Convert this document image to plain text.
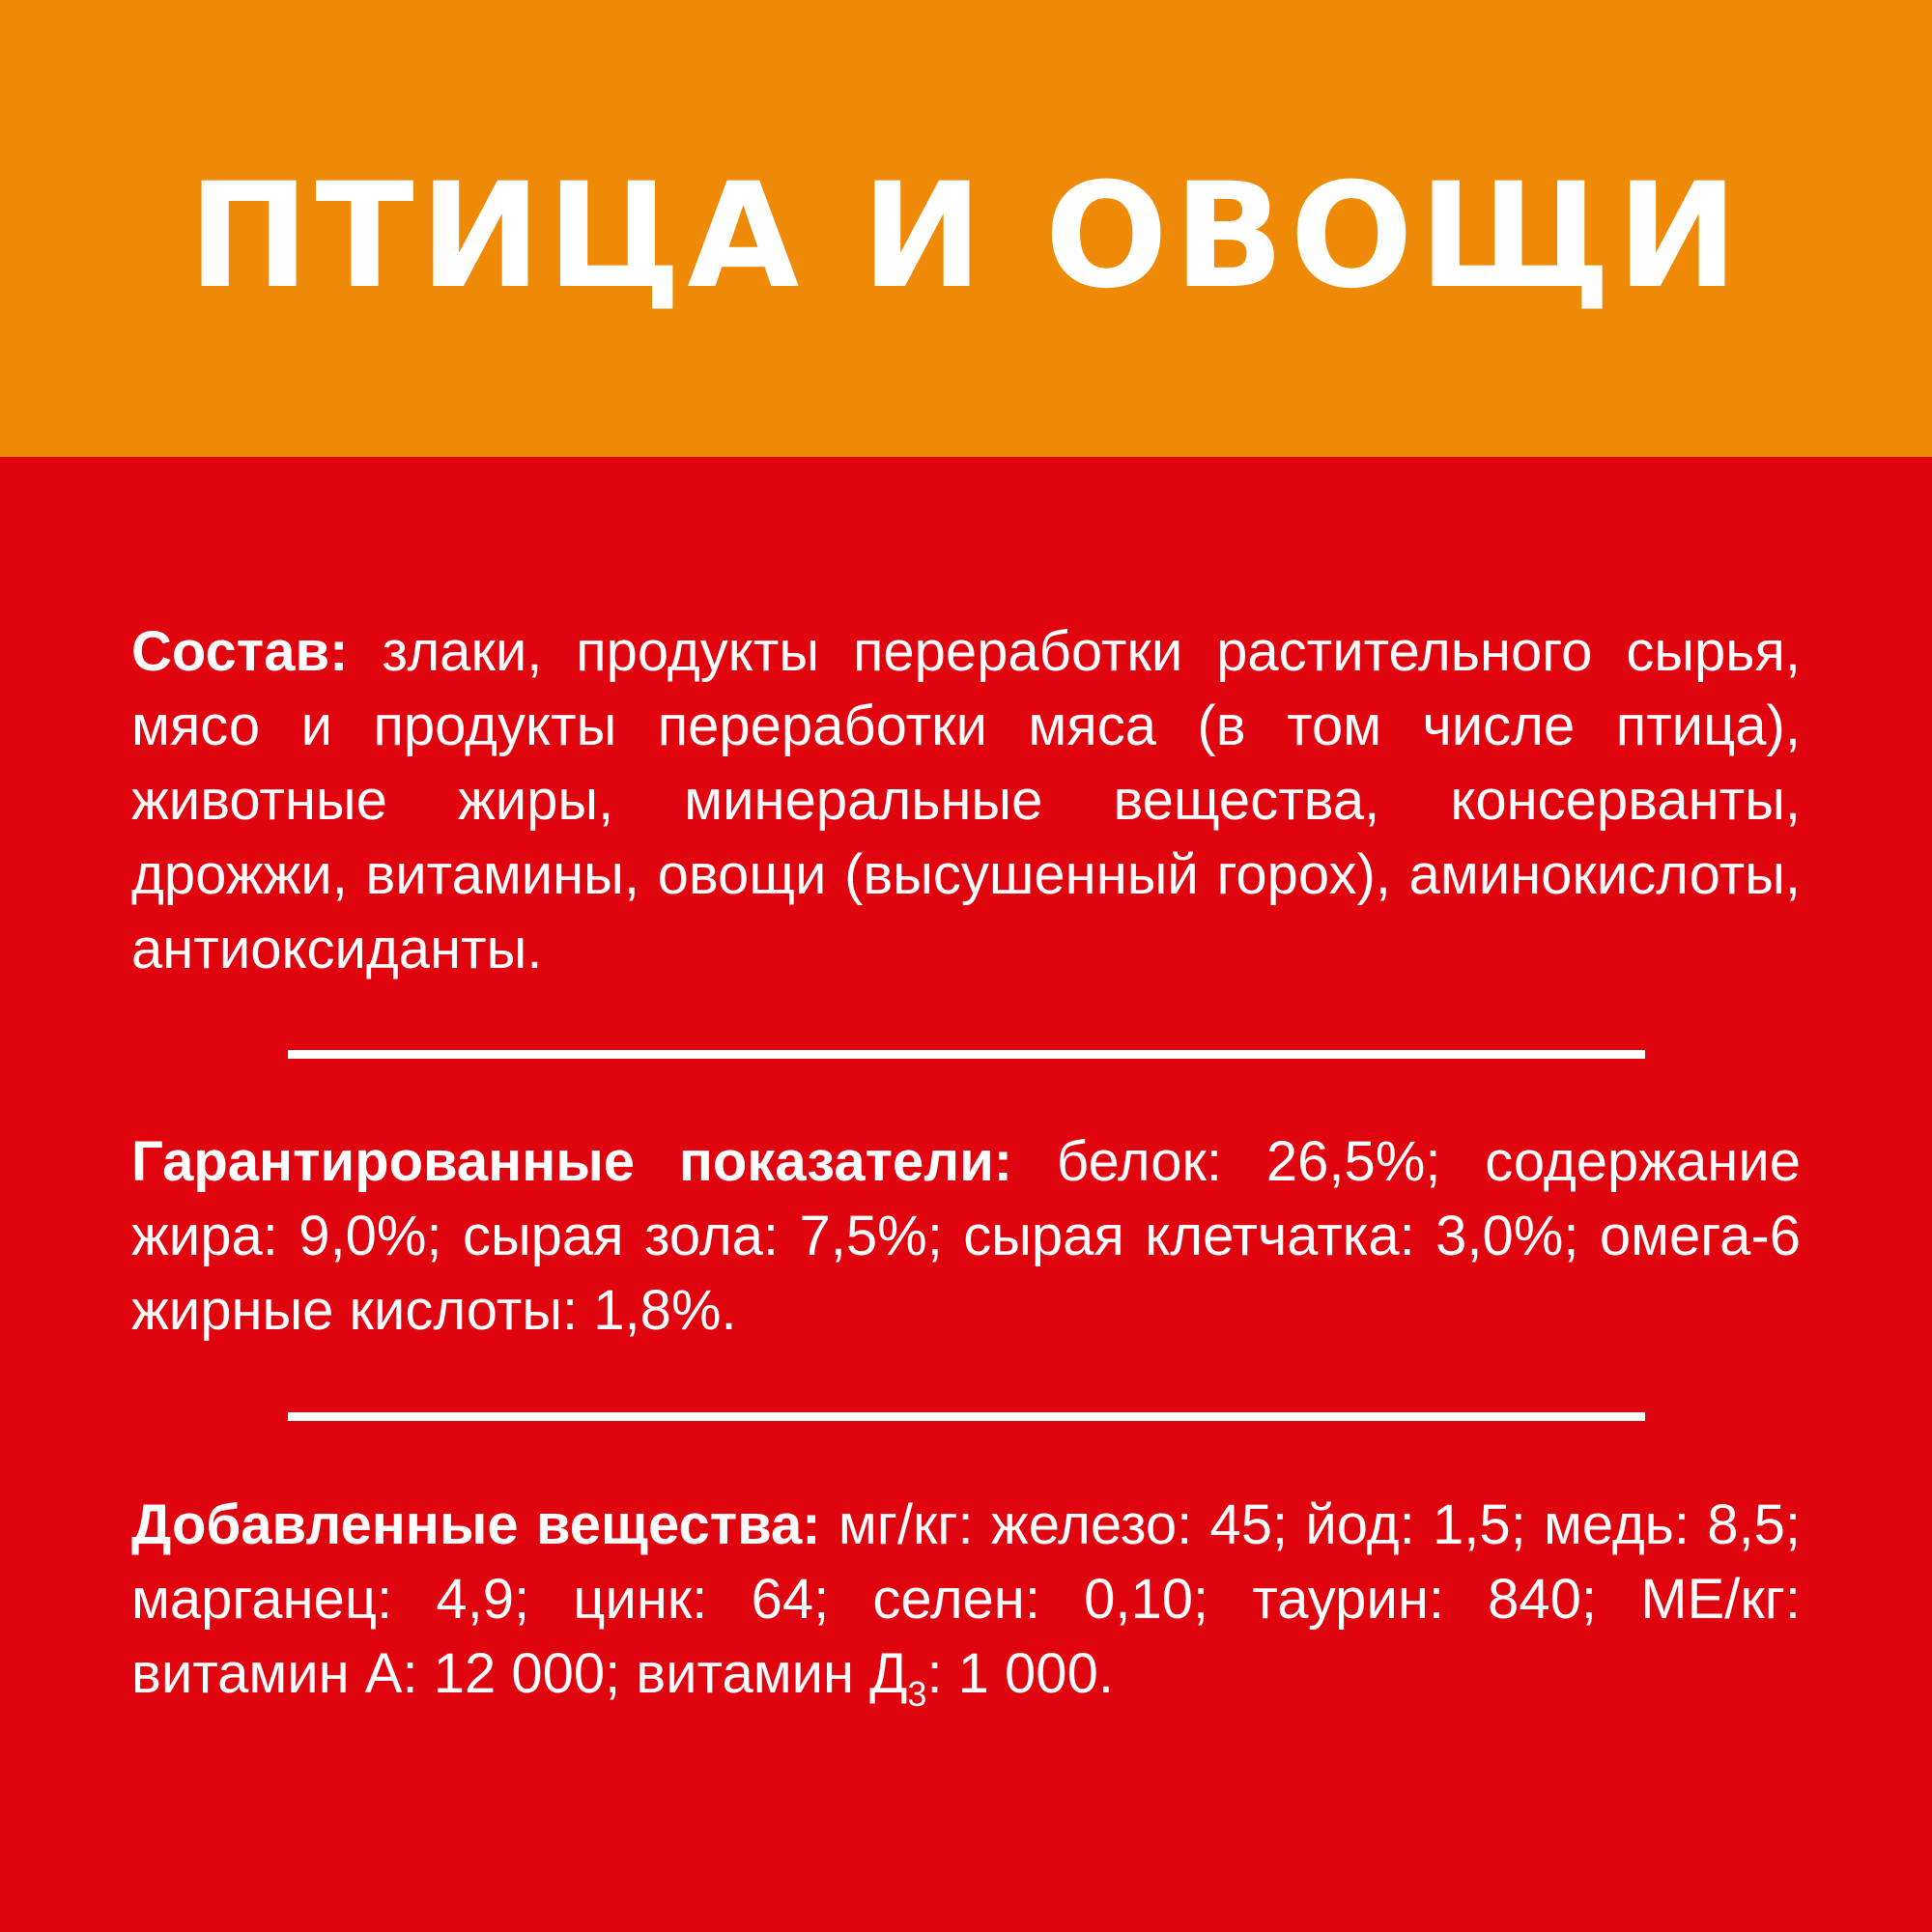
ПТИЦА И ОВОЩИ
Состав: злаки, продукты переработки растительного сырья, мясо и продукты переработки мяса (в том числе птица), животные жиры, минеральные вещества, консерванты, дрожжи, витамины, овощи (высушенный горох), аминокислоты, антиоксиданты.
Гарантированные показатели: белок: 26,5%; содержание жира: 9,0%; сырая зола: 7,5%; сырая клетчатка: 3,0%; омега-6 жирные кислоты: 1,8%.
Добавленные вещества: мг/кг: железо: 45; йод: 1,5; медь: 8,5; марганец: 4,9; цинк: 64; селен: 0,10; таурин: 840; МЕ/кг: витамин А: 12 000; витамин $Д_3$: 1 000.
